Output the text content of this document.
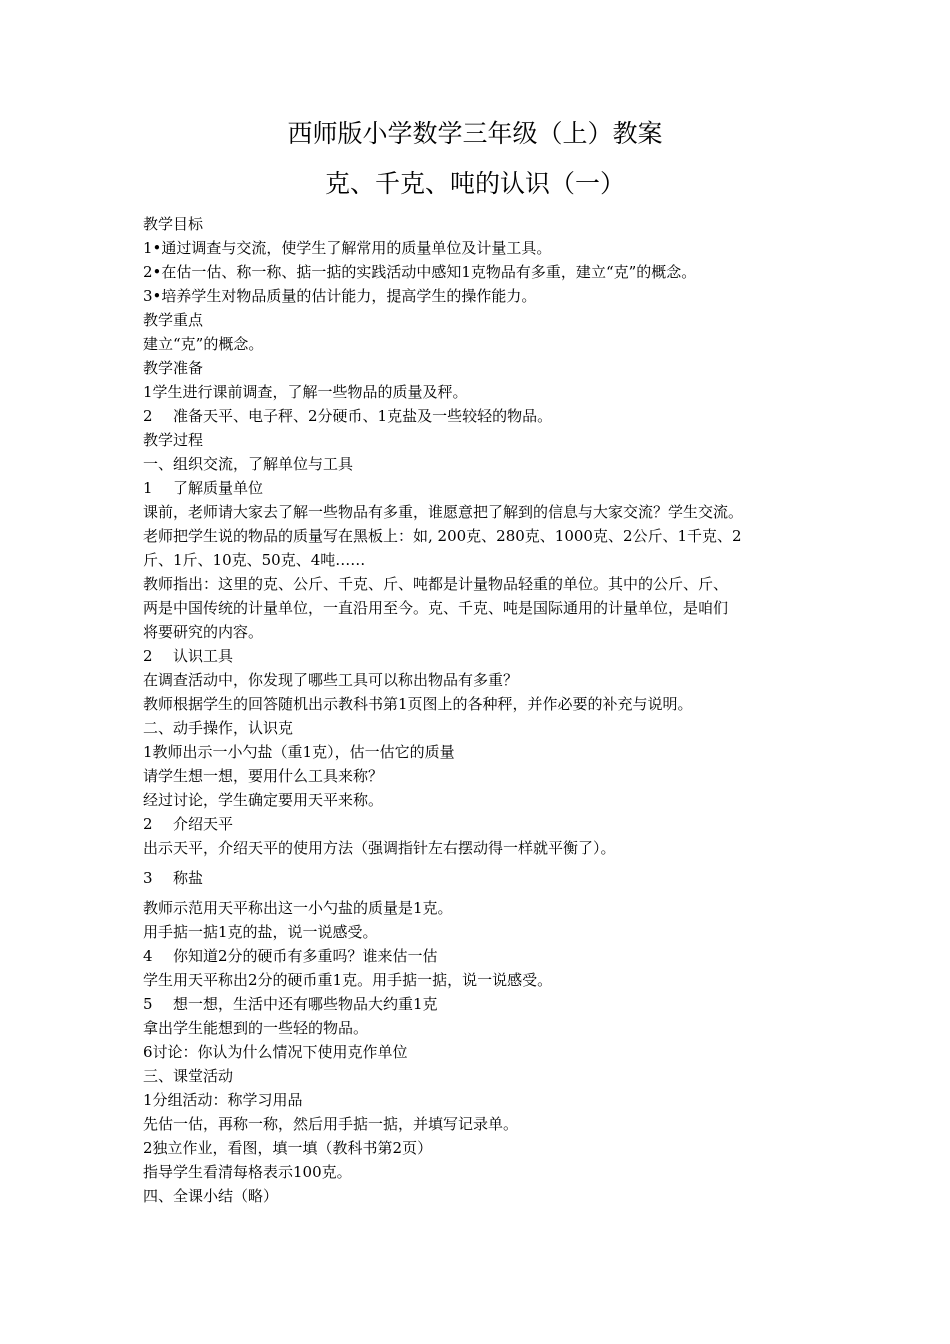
西师版小学数学三年级（上）教案
克、千克、吨的认识（一）
教学目标
1•通过调查与交流，使学生了解常用的质量单位及计量工具。
2•在估一估、称一称、掂一掂的实践活动中感知1克物品有多重，建立“克”的概念。
3•培养学生对物品质量的估计能力，提高学生的操作能力。
教学重点
建立“克”的概念。
教学准备
1学生进行课前调查，了解一些物品的质量及秤。
2 准备天平、电子秤、2分硬币、1克盐及一些较轻的物品。
教学过程
一、组织交流，了解单位与工具
1 了解质量单位
课前，老师请大家去了解一些物品有多重，谁愿意把了解到的信息与大家交流？学生交流。
老师把学生说的物品的质量写在黑板上：如, 200克、280克、1000克、2公斤、1千克、2
斤、1斤、10克、50克、4吨……
教师指出：这里的克、公斤、千克、斤、吨都是计量物品轻重的单位。其中的公斤、斤、
两是中国传统的计量单位，一直沿用至今。克、千克、吨是国际通用的计量单位，是咱们
将要研究的内容。
2 认识工具
在调查活动中，你发现了哪些工具可以称出物品有多重？
教师根据学生的回答随机出示教科书第1页图上的各种秤，并作必要的补充与说明。
二、动手操作，认识克
1教师出示一小勺盐（重1克），估一估它的质量
请学生想一想，要用什么工具来称？
经过讨论，学生确定要用天平来称。
2 介绍天平
出示天平，介绍天平的使用方法（强调指针左右摆动得一样就平衡了）。
3 称盐
教师示范用天平称出这一小勺盐的质量是1克。
用手掂一掂1克的盐，说一说感受。
4 你知道2分的硬币有多重吗？谁来估一估
学生用天平称出2分的硬币重1克。用手掂一掂，说一说感受。
5 想一想，生活中还有哪些物品大约重1克
拿出学生能想到的一些轻的物品。
6讨论：你认为什么情况下使用克作单位
三、课堂活动
1分组活动：称学习用品
先估一估，再称一称，然后用手掂一掂，并填写记录单。
2独立作业，看图，填一填（教科书第2页）
指导学生看清每格表示100克。
四、全课小结（略）
